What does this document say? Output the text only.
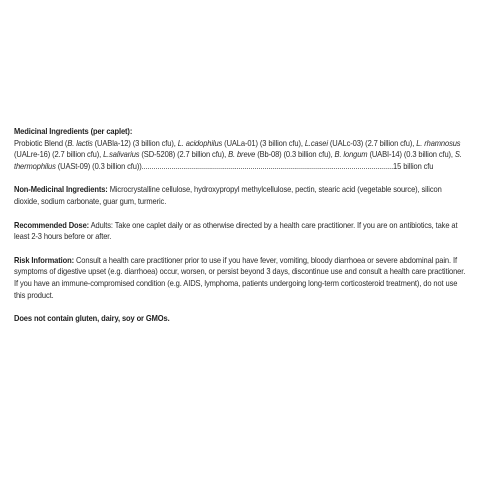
Medicinal Ingredients (per caplet):
Probiotic Blend (B. lactis (UABla-12) (3 billion cfu), L. acidophilus (UALa-01) (3 billion cfu), L.casei (UALc-03) (2.7 billion cfu), L. rhamnosus (UALre-16) (2.7 billion cfu), L.salivarius (SD-5208) (2.7 billion cfu), B. breve (Bb-08) (0.3 billion cfu), B. longum (UABI-14) (0.3 billion cfu), S. thermophilus (UASt-09) (0.3 billion cfu))...............................................................................................................................15 billion cfu
Non-Medicinal Ingredients: Microcrystalline cellulose, hydroxypropyl methylcellulose, pectin, stearic acid (vegetable source), silicon dioxide, sodium carbonate, guar gum, turmeric.
Recommended Dose: Adults: Take one caplet daily or as otherwise directed by a health care practitioner. If you are on antibiotics, take at least 2-3 hours before or after.
Risk Information: Consult a health care practitioner prior to use if you have fever, vomiting, bloody diarrhoea or severe abdominal pain. If symptoms of digestive upset (e.g. diarrhoea) occur, worsen, or persist beyond 3 days, discontinue use and consult a health care practitioner. If you have an immune-compromised condition (e.g. AIDS, lymphoma, patients undergoing long-term corticosteroid treatment), do not use this product.
Does not contain gluten, dairy, soy or GMOs.
